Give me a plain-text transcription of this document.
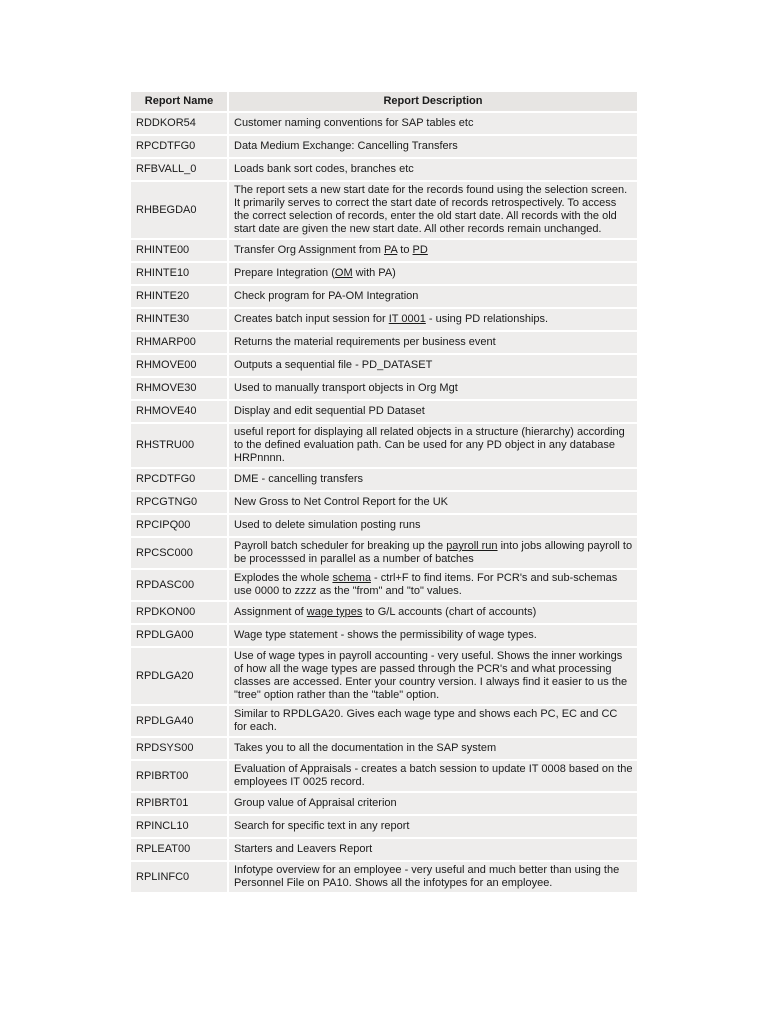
Report Name	Report Description
RDDKOR54	Customer naming conventions for SAP tables etc
RPCDTFG0	Data Medium Exchange: Cancelling Transfers
RFBVALL_0	Loads bank sort codes, branches etc
RHBEGDA0	The report sets a new start date for the records found using the selection screen. It primarily serves to correct the start date of records retrospectively. To access the correct selection of records, enter the old start date. All records with the old start date are given the new start date. All other records remain unchanged.
RHINTE00	Transfer Org Assignment from PA to PD
RHINTE10	Prepare Integration (OM with PA)
RHINTE20	Check program for PA-OM Integration
RHINTE30	Creates batch input session for IT 0001 - using PD relationships.
RHMARP00	Returns the material requirements per business event
RHMOVE00	Outputs a sequential file - PD_DATASET
RHMOVE30	Used to manually transport objects in Org Mgt
RHMOVE40	Display and edit sequential PD Dataset
RHSTRU00	useful report for displaying all related objects in a structure (hierarchy) according to the defined evaluation path. Can be used for any PD object in any database HRPnnnn.
RPCDTFG0	DME - cancelling transfers
RPCGTNG0	New Gross to Net Control Report for the UK
RPCIPQ00	Used to delete simulation posting runs
RPCSC000	Payroll batch scheduler for breaking up the payroll run into jobs allowing payroll to be processsed in parallel as a number of batches
RPDASC00	Explodes the whole schema - ctrl+F to find items. For PCR's and sub-schemas use 0000 to zzzz as the "from" and "to" values.
RPDKON00	Assignment of wage types to G/L accounts (chart of accounts)
RPDLGA00	Wage type statement - shows the permissibility of wage types.
RPDLGA20	Use of wage types in payroll accounting - very useful. Shows the inner workings of how all the wage types are passed through the PCR's and what processing classes are accessed. Enter your country version. I always find it easier to us the "tree" option rather than the "table" option.
RPDLGA40	Similar to RPDLGA20. Gives each wage type and shows each PC, EC and CC for each.
RPDSYS00	Takes you to all the documentation in the SAP system
RPIBRT00	Evaluation of Appraisals - creates a batch session to update IT 0008 based on the employees IT 0025 record.
RPIBRT01	Group value of Appraisal criterion
RPINCL10	Search for specific text in any report
RPLEAT00	Starters and Leavers Report
RPLINFC0	Infotype overview for an employee - very useful and much better than using the Personnel File on PA10. Shows all the infotypes for an employee.
